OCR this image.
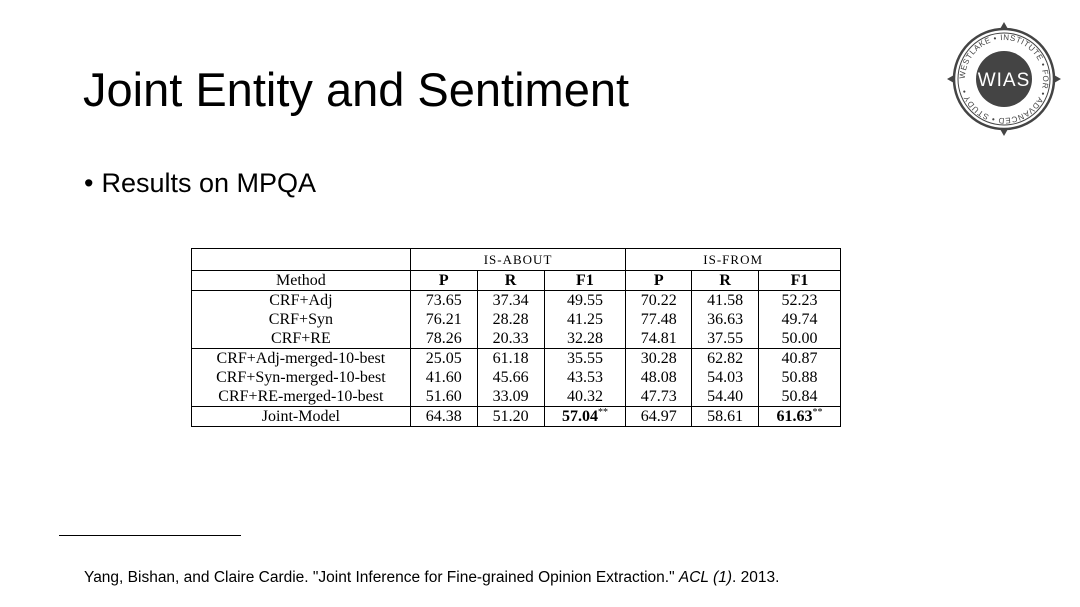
Joint Entity and Sentiment
• Results on MPQA
WESTLAKE • INSTITUTE • FOR • ADVANCED • STUDY •
WIAS
	IS-ABOUT			IS-FROM		
Method	P	R	F1	P	R	F1
CRF+Adj	73.65	37.34	49.55	70.22	41.58	52.23
CRF+Syn	76.21	28.28	41.25	77.48	36.63	49.74
CRF+RE	78.26	20.33	32.28	74.81	37.55	50.00
CRF+Adj-merged-10-best	25.05	61.18	35.55	30.28	62.82	40.87
CRF+Syn-merged-10-best	41.60	45.66	43.53	48.08	54.03	50.88
CRF+RE-merged-10-best	51.60	33.09	40.32	47.73	54.40	50.84
Joint-Model	64.38	51.20	57.04**	64.97	58.61	61.63**
Yang, Bishan, and Claire Cardie. "Joint Inference for Fine-grained Opinion Extraction." ACL (1). 2013.
